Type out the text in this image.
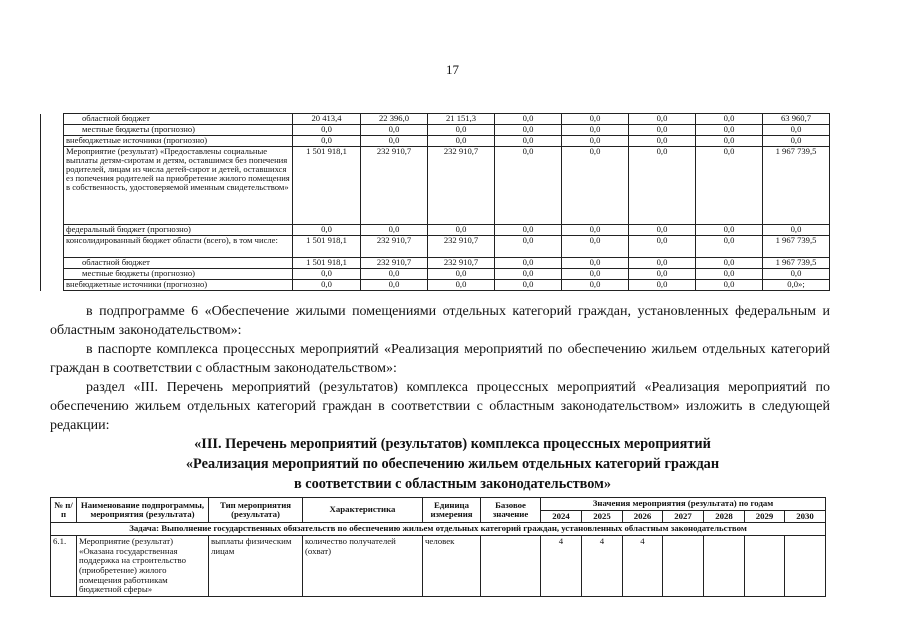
17
	областной бюджет	20 413,4	22 396,0	21 151,3	0,0	0,0	0,0	0,0	63 960,7
	местные бюджеты (прогнозно)	0,0	0,0	0,0	0,0	0,0	0,0	0,0	0,0
	внебюджетные источники (прогнозно)	0,0	0,0	0,0	0,0	0,0	0,0	0,0	0,0
	Мероприятие (результат) «Предоставлены социальные выплаты детям-сиротам и детям, оставшимся без попечения родителей, лицам из числа детей-сирот и детей, оставшихся ез попечения родителей на приобретение жилого помещения в собственность, удостоверяемой именным свидетельством»	1 501 918,1	232 910,7	232 910,7	0,0	0,0	0,0	0,0	1 967 739,5
	федеральный бюджет (прогнозно)	0,0	0,0	0,0	0,0	0,0	0,0	0,0	0,0
	консолидированный бюджет области (всего), в том числе:	1 501 918,1	232 910,7	232 910,7	0,0	0,0	0,0	0,0	1 967 739,5
	областной бюджет	1 501 918,1	232 910,7	232 910,7	0,0	0,0	0,0	0,0	1 967 739,5
	местные бюджеты (прогнозно)	0,0	0,0	0,0	0,0	0,0	0,0	0,0	0,0
	внебюджетные источники (прогнозно)	0,0	0,0	0,0	0,0	0,0	0,0	0,0	0,0»;
в подпрограмме 6 «Обеспечение жилыми помещениями отдельных категорий граждан, установленных федеральным и областным законодательством»:
в паспорте комплекса процессных мероприятий «Реализация мероприятий по обеспечению жильем отдельных категорий граждан в соответствии с областным законодательством»:
раздел «III. Перечень мероприятий (результатов) комплекса процессных мероприятий «Реализация мероприятий по обеспечению жильем отдельных категорий граждан в соответствии с областным законодательством» изложить в следующей редакции:
«III. Перечень мероприятий (результатов) комплекса процессных мероприятий
«Реализация мероприятий по обеспечению жильем отдельных категорий граждан
в соответствии с областным законодательством»
№ п/п	Наименование подпрограммы, мероприятия (результата)	Тип мероприятия (результата)	Характеристика	Единица измерения	Базовое значение	Значения мероприятия (результата) по годам						
						2024	2025	2026	2027	2028	2029	2030
Задача: Выполнение государственных обязательств по обеспечению жильем отдельных категорий граждан, установленных областным законодательством												
6.1.	Мероприятие (результат) «Оказана государственная поддержка на строительство (приобретение) жилого помещения работникам бюджетной сферы»	выплаты физическим лицам	количество получателей (охват)	человек		4	4	4				
